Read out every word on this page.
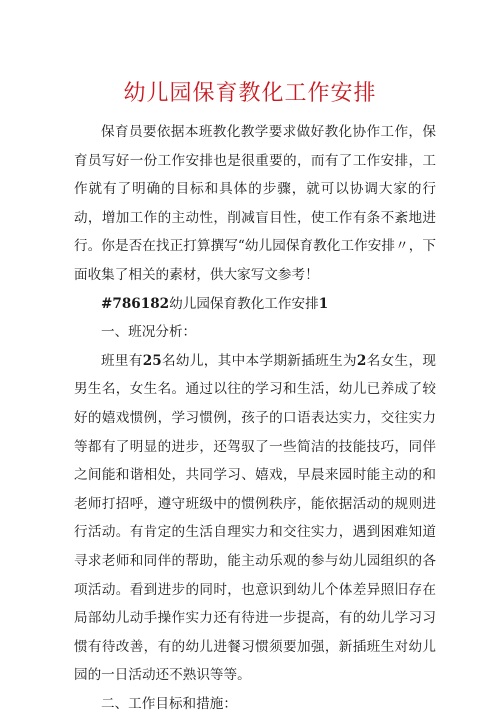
幼儿园保育教化工作安排

保育员要依据本班教化教学要求做好教化协作工作，保育员写好一份工作安排也是很重要的，而有了工作安排，工作就有了明确的目标和具体的步骤，就可以协调大家的行动，增加工作的主动性，削减盲目性，使工作有条不紊地进行。你是否在找正打算撰写“幼儿园保育教化工作安排〃，下面收集了相关的素材，供大家写文参考！

#786182幼儿园保育教化工作安排1

一、班况分析：

班里有25名幼儿，其中本学期新插班生为2名女生，现男生名，女生名。通过以往的学习和生活，幼儿已养成了较好的嬉戏惯例，学习惯例，孩子的口语表达实力，交往实力等都有了明显的进步，还驾驭了一些简洁的技能技巧，同伴之间能和谐相处，共同学习、嬉戏，早晨来园时能主动的和老师打招呼，遵守班级中的惯例秩序，能依据活动的规则进行活动。有肯定的生活自理实力和交往实力，遇到困难知道寻求老师和同伴的帮助，能主动乐观的参与幼儿园组织的各项活动。看到进步的同时，也意识到幼儿个体差异照旧存在局部幼儿动手操作实力还有待进一步提高，有的幼儿学习习惯有待改善，有的幼儿进餐习惯须要加强，新插班生对幼儿园的一日活动还不熟识等等。

二、工作目标和措施：
